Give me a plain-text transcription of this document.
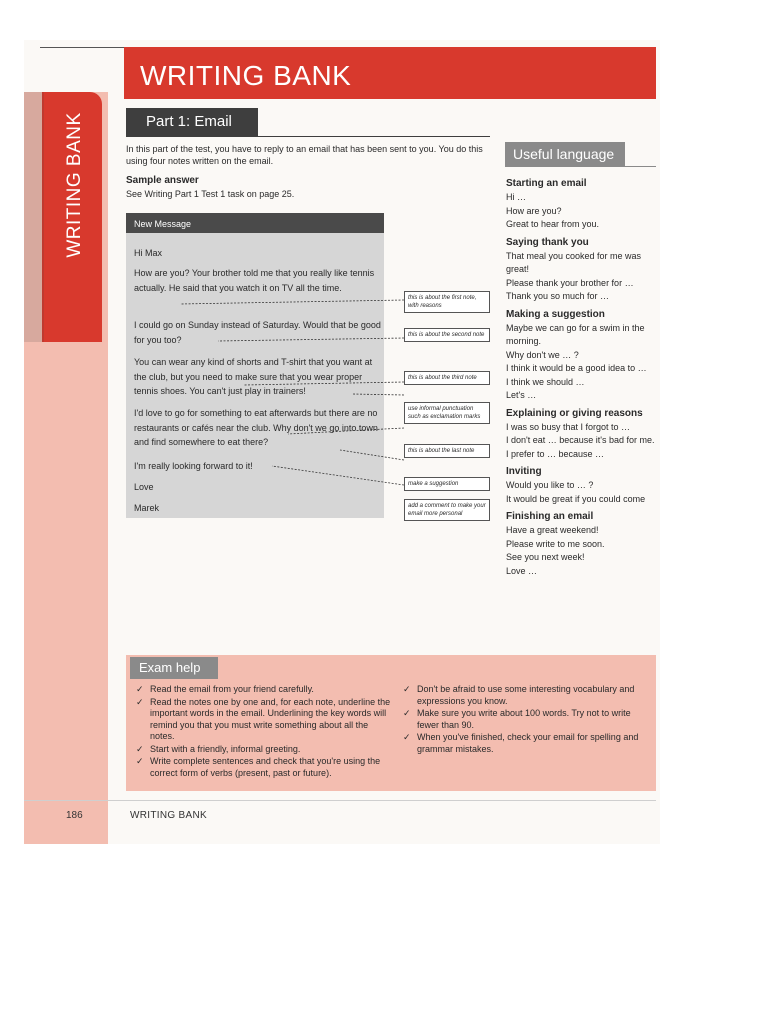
WRITING BANK
WRITING BANK
Part 1: Email
In this part of the test, you have to reply to an email that has been sent to you. You do this using four notes written on the email.
Sample answer
See Writing Part 1 Test 1 task on page 25.
New Message
Hi Max
How are you? Your brother told me that you really like tennis actually. He said that you watch it on TV all the time.
I could go on Sunday instead of Saturday. Would that be good for you too?
You can wear any kind of shorts and T-shirt that you want at the club, but you need to make sure that you wear proper tennis shoes. You can't just play in trainers!
I'd love to go for something to eat afterwards but there are no restaurants or cafés near the club. Why don't we go into town and find somewhere to eat there?
I'm really looking forward to it!
Love
Marek
this is about the first note, with reasons
this is about the second note
this is about the third note
use informal punctuation such as exclamation marks
this is about the last note
make a suggestion
add a comment to make your email more personal
Useful language
Starting an email
Hi …
How are you?
Great to hear from you.
Saying thank you
That meal you cooked for me was great!
Please thank your brother for …
Thank you so much for …
Making a suggestion
Maybe we can go for a swim in the morning.
Why don't we … ?
I think it would be a good idea to …
I think we should …
Let's …
Explaining or giving reasons
I was so busy that I forgot to …
I don't eat … because it's bad for me.
I prefer to … because …
Inviting
Would you like to … ?
It would be great if you could come
Finishing an email
Have a great weekend!
Please write to me soon.
See you next week!
Love …
Exam help
✓ Read the email from your friend carefully.
✓ Read the notes one by one and, for each note, underline the important words in the email. Underlining the key words will remind you that you must write something about all the notes.
✓ Start with a friendly, informal greeting.
✓ Write complete sentences and check that you're using the correct form of verbs (present, past or future).
✓ Don't be afraid to use some interesting vocabulary and expressions you know.
✓ Make sure you write about 100 words. Try not to write fewer than 90.
✓ When you've finished, check your email for spelling and grammar mistakes.
186	WRITING BANK
